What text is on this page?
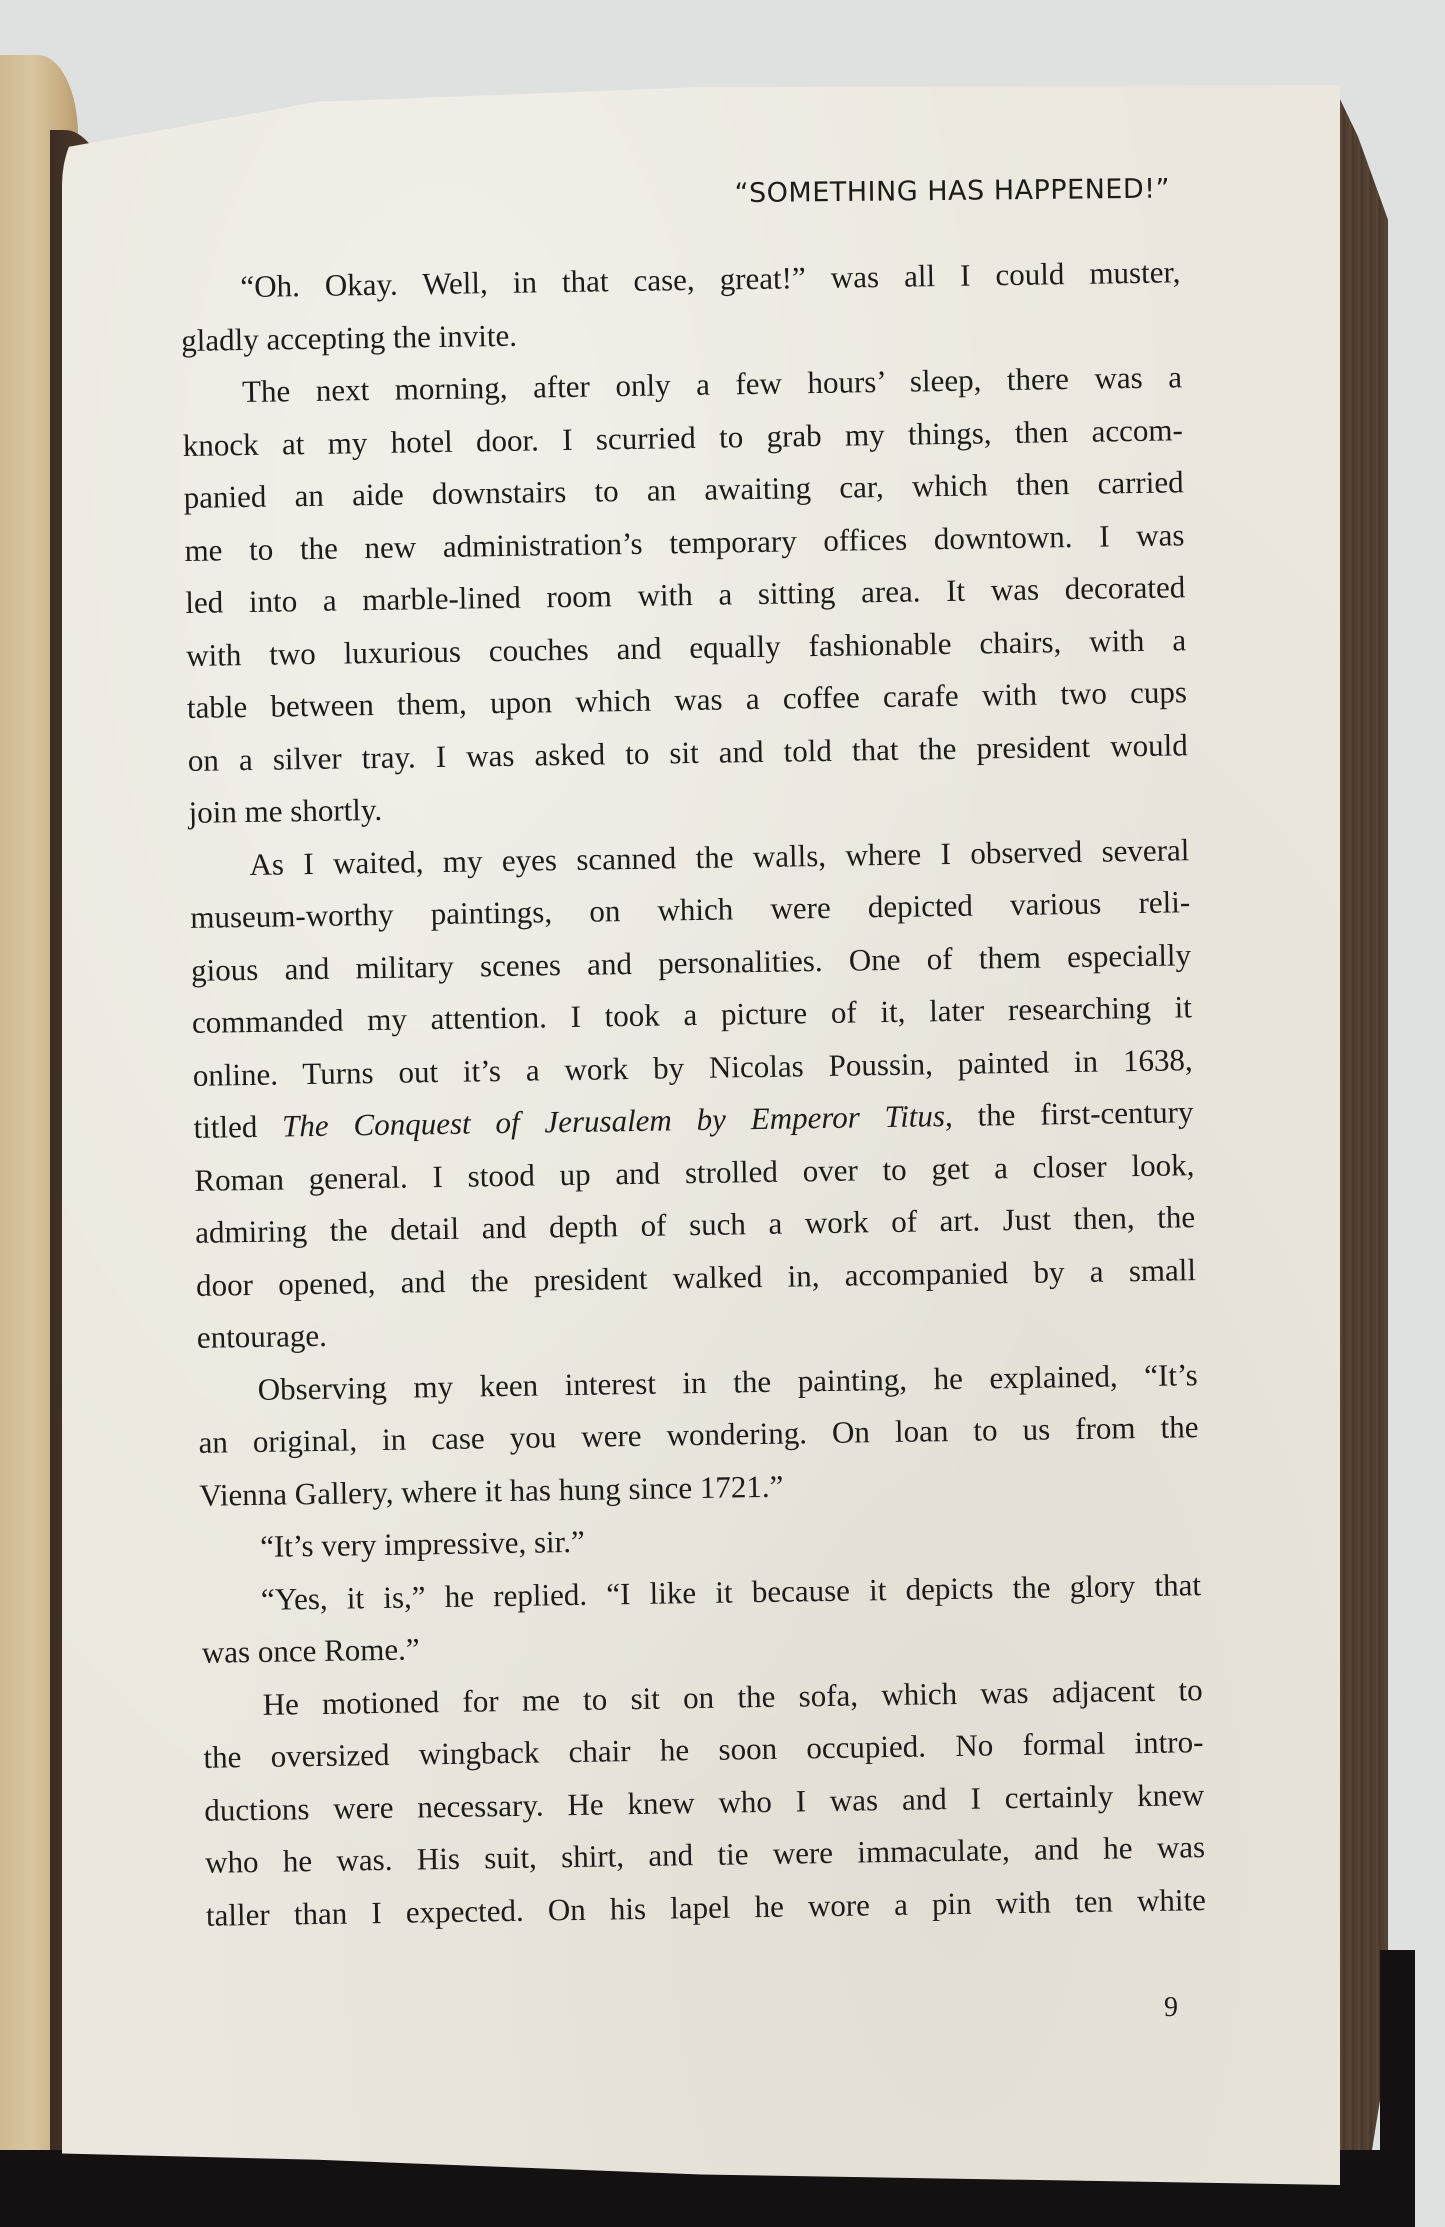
“SOMETHING HAS HAPPENED!”
“Oh. Okay. Well, in that case, great!” was all I could muster,
gladly accepting the invite.
The next morning, after only a few hours’ sleep, there was a
knock at my hotel door. I scurried to grab my things, then accom-
panied an aide downstairs to an awaiting car, which then carried
me to the new administration’s temporary offices downtown. I was
led into a marble-lined room with a sitting area. It was decorated
with two luxurious couches and equally fashionable chairs, with a
table between them, upon which was a coffee carafe with two cups
on a silver tray. I was asked to sit and told that the president would
join me shortly.
As I waited, my eyes scanned the walls, where I observed several
museum-worthy paintings, on which were depicted various reli-
gious and military scenes and personalities. One of them especially
commanded my attention. I took a picture of it, later researching it
online. Turns out it’s a work by Nicolas Poussin, painted in 1638,
titled The Conquest of Jerusalem by Emperor Titus, the first-century
Roman general. I stood up and strolled over to get a closer look,
admiring the detail and depth of such a work of art. Just then, the
door opened, and the president walked in, accompanied by a small
entourage.
Observing my keen interest in the painting, he explained, “It’s
an original, in case you were wondering. On loan to us from the
Vienna Gallery, where it has hung since 1721.”
“It’s very impressive, sir.”
“Yes, it is,” he replied. “I like it because it depicts the glory that
was once Rome.”
He motioned for me to sit on the sofa, which was adjacent to
the oversized wingback chair he soon occupied. No formal intro-
ductions were necessary. He knew who I was and I certainly knew
who he was. His suit, shirt, and tie were immaculate, and he was
taller than I expected. On his lapel he wore a pin with ten white
9
